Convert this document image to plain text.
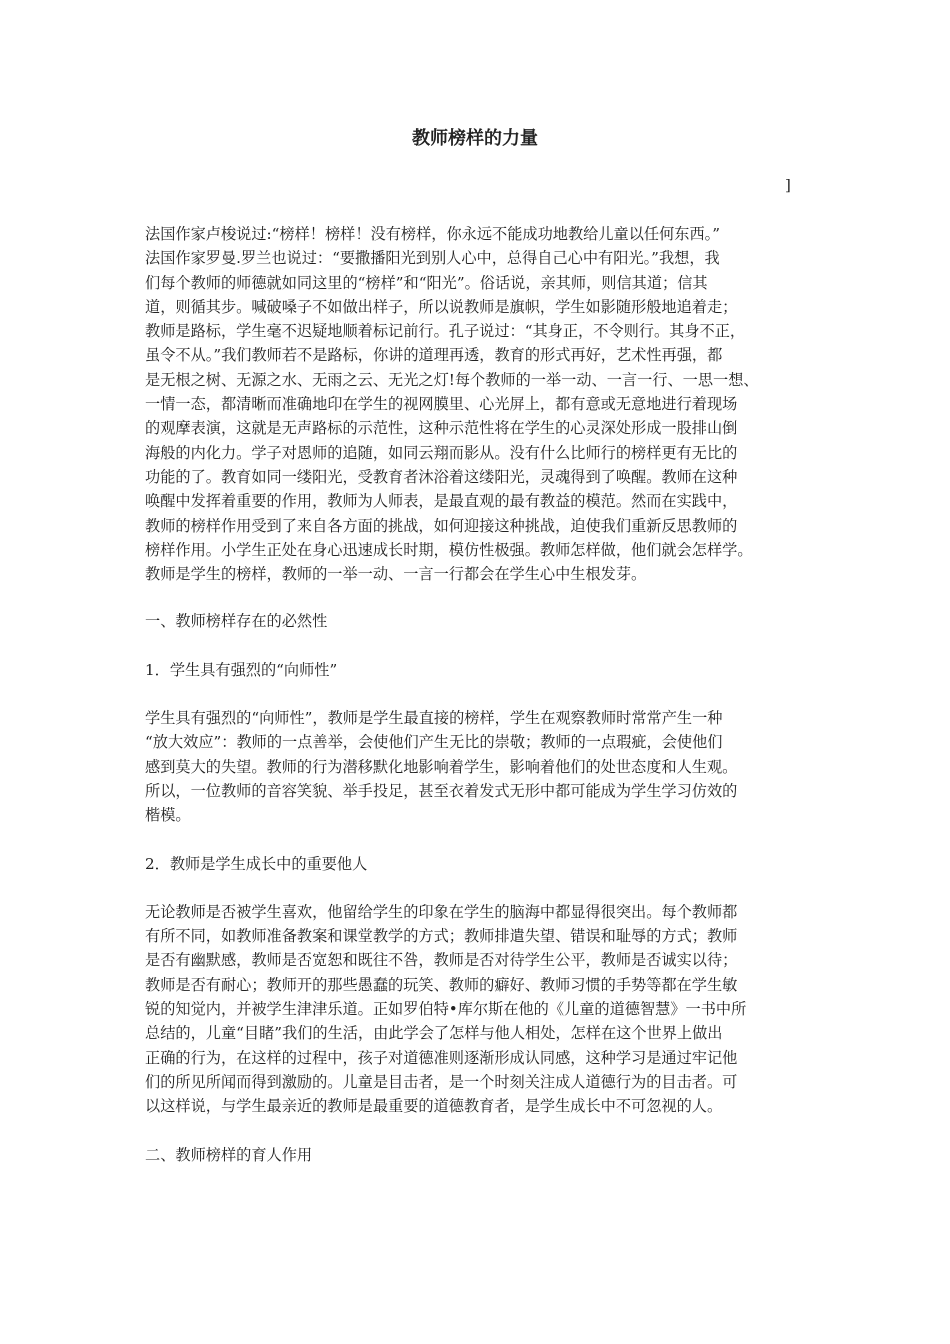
教师榜样的力量
]

法国作家卢梭说过:“榜样！榜样！没有榜样，你永远不能成功地教给儿童以任何东西。”
法国作家罗曼.罗兰也说过：“要撒播阳光到别人心中，总得自己心中有阳光。”我想，我
们每个教师的师德就如同这里的“榜样”和“阳光”。俗话说，亲其师，则信其道；信其
道，则循其步。喊破嗓子不如做出样子，所以说教师是旗帜，学生如影随形般地追着走；
教师是路标，学生毫不迟疑地顺着标记前行。孔子说过：“其身正，不令则行。其身不正，
虽令不从。”我们教师若不是路标，你讲的道理再透，教育的形式再好，艺术性再强，都
是无根之树、无源之水、无雨之云、无光之灯!每个教师的一举一动、一言一行、一思一想、
一情一态，都清晰而准确地印在学生的视网膜里、心光屏上，都有意或无意地进行着现场
的观摩表演，这就是无声路标的示范性，这种示范性将在学生的心灵深处形成一股排山倒
海般的内化力。学子对恩师的追随，如同云翔而影从。没有什么比师行的榜样更有无比的
功能的了。教育如同一缕阳光，受教育者沐浴着这缕阳光，灵魂得到了唤醒。教师在这种
唤醒中发挥着重要的作用，教师为人师表，是最直观的最有教益的模范。然而在实践中，
教师的榜样作用受到了来自各方面的挑战，如何迎接这种挑战，迫使我们重新反思教师的
榜样作用。小学生正处在身心迅速成长时期，模仿性极强。教师怎样做，他们就会怎样学。
教师是学生的榜样，教师的一举一动、一言一行都会在学生心中生根发芽。

一、教师榜样存在的必然性

1．学生具有强烈的“向师性”

学生具有强烈的“向师性”，教师是学生最直接的榜样，学生在观察教师时常常产生一种
“放大效应”：教师的一点善举，会使他们产生无比的崇敬；教师的一点瑕疵，会使他们
感到莫大的失望。教师的行为潜移默化地影响着学生，影响着他们的处世态度和人生观。
所以，一位教师的音容笑貌、举手投足，甚至衣着发式无形中都可能成为学生学习仿效的
楷模。

2．教师是学生成长中的重要他人

无论教师是否被学生喜欢，他留给学生的印象在学生的脑海中都显得很突出。每个教师都
有所不同，如教师准备教案和课堂教学的方式；教师排遣失望、错误和耻辱的方式；教师
是否有幽默感，教师是否宽恕和既往不咎，教师是否对待学生公平，教师是否诚实以待；
教师是否有耐心；教师开的那些愚蠢的玩笑、教师的癖好、教师习惯的手势等都在学生敏
锐的知觉内，并被学生津津乐道。正如罗伯特•库尔斯在他的《儿童的道德智慧》一书中所
总结的，儿童“目睹”我们的生活，由此学会了怎样与他人相处，怎样在这个世界上做出
正确的行为，在这样的过程中，孩子对道德准则逐渐形成认同感，这种学习是通过牢记他
们的所见所闻而得到激励的。儿童是目击者，是一个时刻关注成人道德行为的目击者。可
以这样说，与学生最亲近的教师是最重要的道德教育者，是学生成长中不可忽视的人。

二、教师榜样的育人作用
